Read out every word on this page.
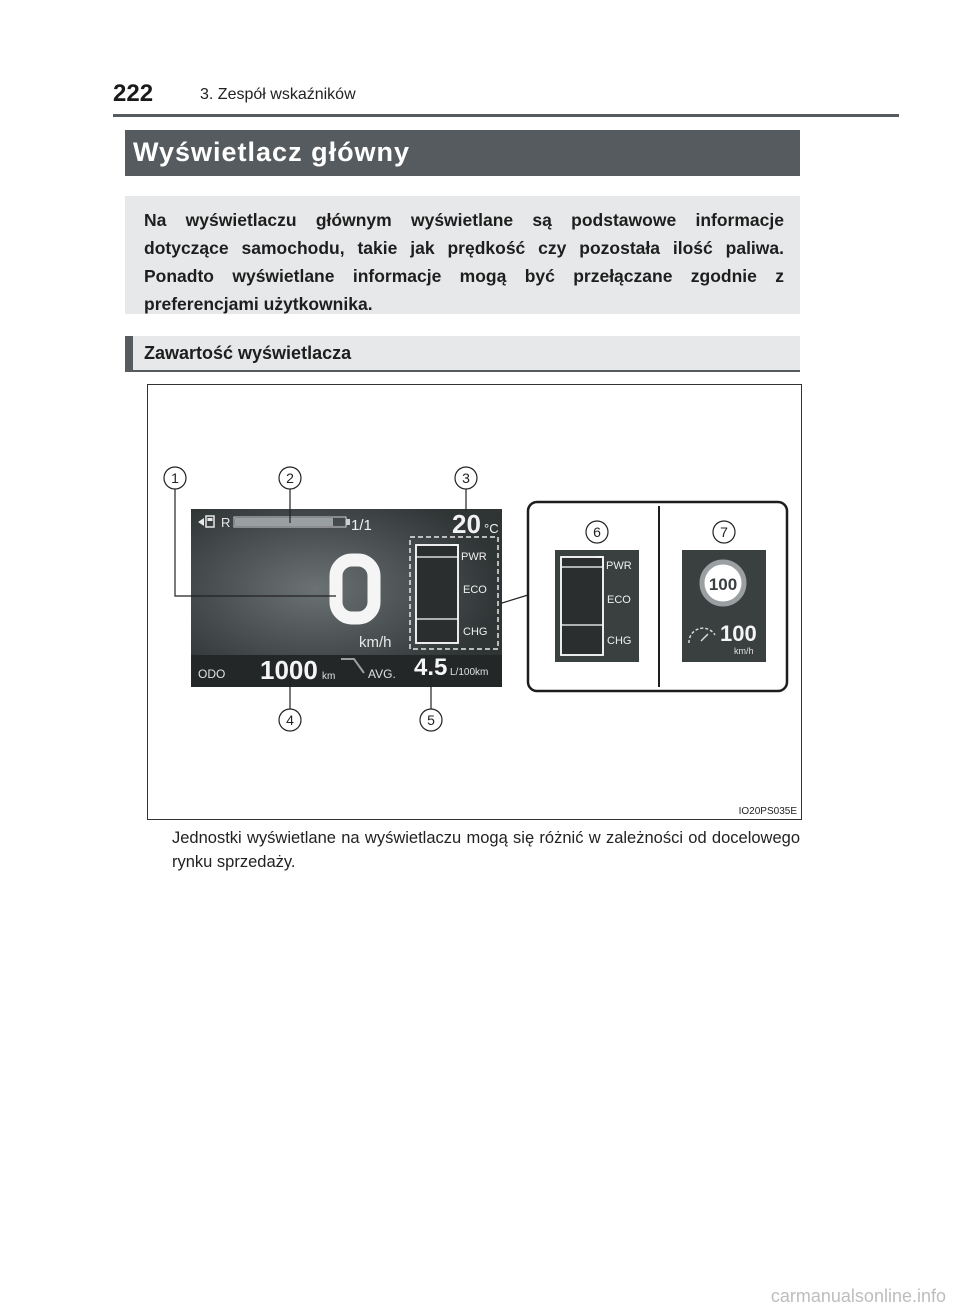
222	3. Zespół wskaźników
Wyświetlacz główny
Na wyświetlaczu głównym wyświetlane są podstawowe informacje dotyczące samochodu, takie jak prędkość czy pozostała ilość paliwa. Ponadto wyświetlane informacje mogą być przełączane zgodnie z preferencjami użytkownika.
Zawartość wyświetlacza
R	1/1	20 °C
km/h
PWR
ECO
CHG
ODO 1000 km	AVG. 4.5 L/100km
PWR
ECO
CHG
100
100
km/h
1	2	3
4	5
6	7
IO20PS035E
Jednostki wyświetlane na wyświetlaczu mogą się różnić w zależności od docelowego rynku sprzedaży.
carmanualsonline.info
